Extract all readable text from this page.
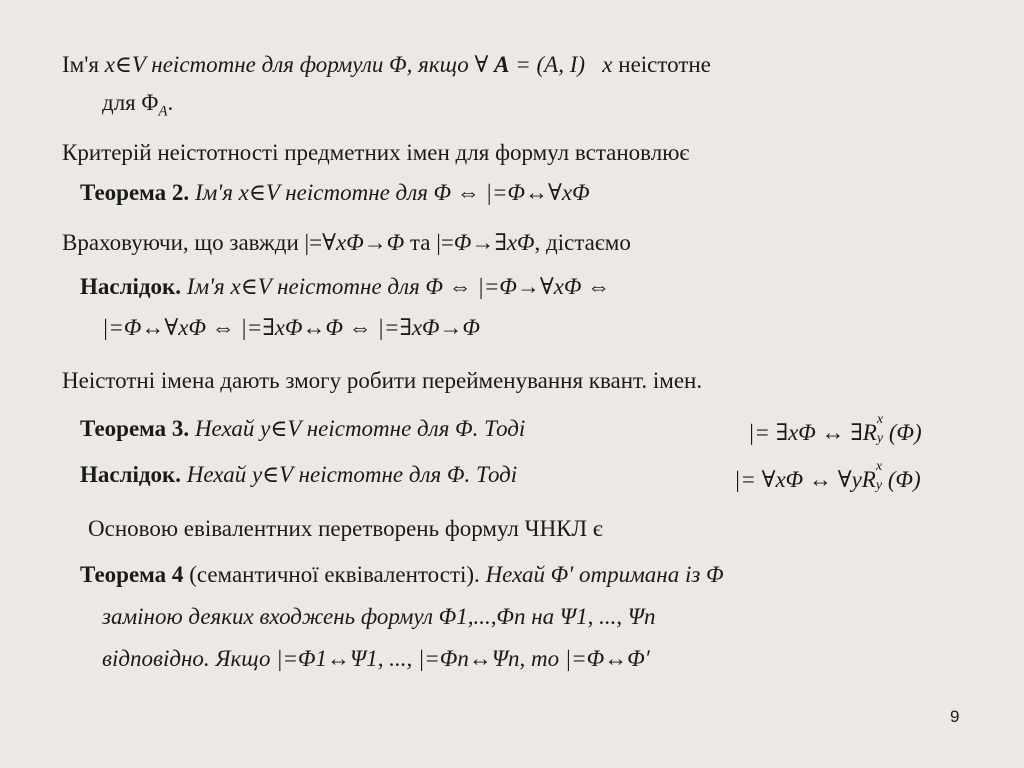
Ім'я x∈V неістотне для формули Φ, якщо ∀ A = (A, I) x неістотне
для $\Phi_A$.
Критерій неістотності предметних імен для формул встановлює
Теорема 2. Ім'я x∈V неістотне для Φ ⇔ |=Φ↔∀xΦ
Враховуючи, що завжди |=∀xΦ→Φ та |=Φ→∃xΦ, дістаємо
Наслідок. Ім'я x∈V неістотне для Φ ⇔ |=Φ→∀xΦ ⇔
|=Φ↔∀xΦ ⇔ |=∃xΦ↔Φ ⇔ |=∃xΦ→Φ
Неістотні імена дають змогу робити перейменування квант. імен.
Теорема 3. Нехай y∈V неістотне для Φ. Тоді	|= ∃xΦ ↔ ∃R
x
y (Φ)
Наслідок. Нехай y∈V неістотне для Φ. Тоді	|= ∀xΦ ↔ ∀yR
x
y (Φ)
Основою евівалентних перетворень формул ЧНКЛ є
Теорема 4 (семантичної еквівалентості). Нехай Φ′ отримана із Φ
заміною деяких входжень формул Φ1,...,Φn на Ψ1, ..., Ψn
відповідно. Якщо |=Φ1↔Ψ1, ..., |=Φn↔Ψn, то |=Φ↔Φ′
9
